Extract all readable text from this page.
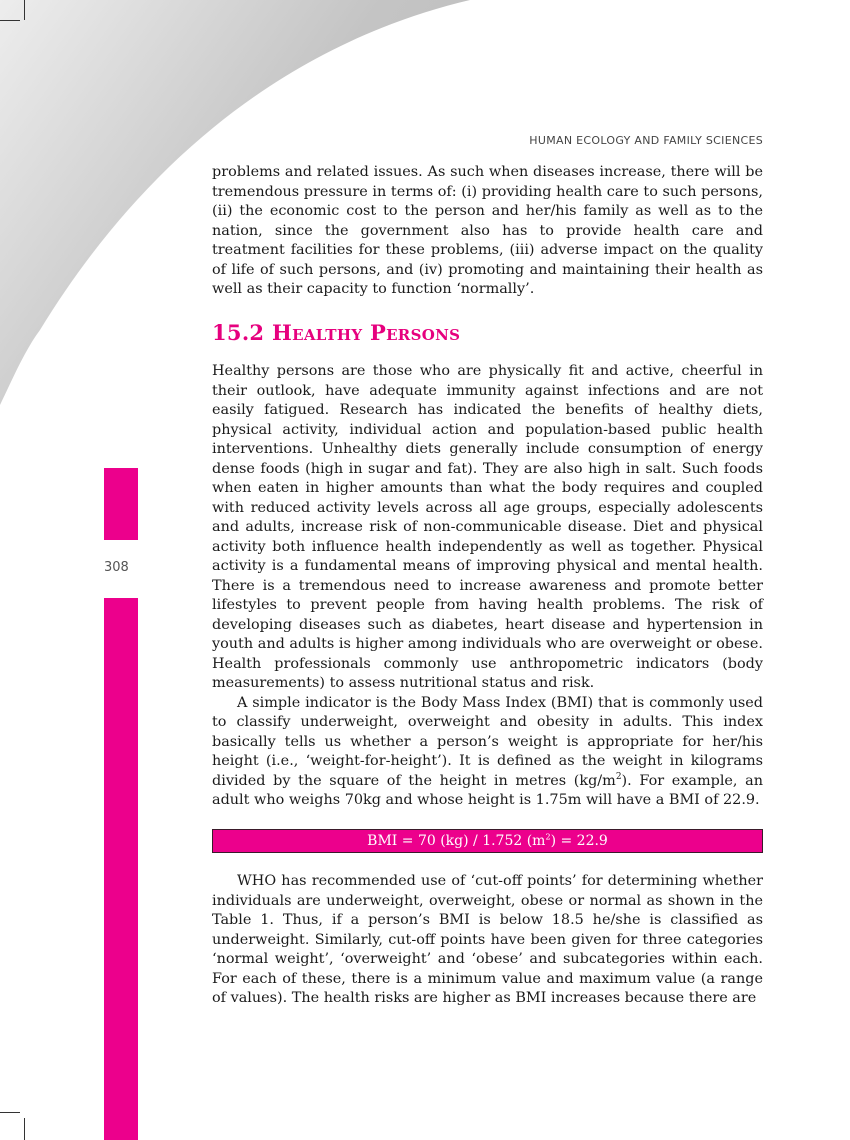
HUMAN ECOLOGY AND FAMILY SCIENCES

problems and related issues. As such when diseases increase, there will be tremendous pressure in terms of: (i) providing health care to such persons, (ii) the economic cost to the person and her/his family as well as to the nation, since the government also has to provide health care and treatment facilities for these problems, (iii) adverse impact on the quality of life of such persons, and (iv) promoting and maintaining their health as well as their capacity to function ‘normally’.

15.2 Healthy Persons

Healthy persons are those who are physically fit and active, cheerful in their outlook, have adequate immunity against infections and are not easily fatigued. Research has indicated the benefits of healthy diets, physical activity, individual action and population-based public health interventions. Unhealthy diets generally include consumption of energy dense foods (high in sugar and fat). They are also high in salt. Such foods when eaten in higher amounts than what the body requires and coupled with reduced activity levels across all age groups, especially adolescents and adults, increase risk of non-communicable disease. Diet and physical activity both influence health independently as well as together. Physical activity is a fundamental means of improving physical and mental health. There is a tremendous need to increase awareness and promote better lifestyles to prevent people from having health problems. The risk of developing diseases such as diabetes, heart disease and hypertension in youth and adults is higher among individuals who are overweight or obese. Health professionals commonly use anthropometric indicators (body measurements) to assess nutritional status and risk.

A simple indicator is the Body Mass Index (BMI) that is commonly used to classify underweight, overweight and obesity in adults. This index basically tells us whether a person’s weight is appropriate for her/his height (i.e., ‘weight-for-height’). It is defined as the weight in kilograms divided by the square of the height in metres $(kg/m^2)$. For example, an adult who weighs 70kg and whose height is 1.75m will have a BMI of 22.9.

BMI = 70 (kg) / 1.752 $(m^2) = 22.9$

WHO has recommended use of ‘cut-off points’ for determining whether individuals are underweight, overweight, obese or normal as shown in the Table 1. Thus, if a person’s BMI is below 18.5 he/she is classified as underweight. Similarly, cut-off points have been given for three categories ‘normal weight’, ‘overweight’ and ‘obese’ and subcategories within each. For each of these, there is a minimum value and maximum value (a range of values). The health risks are higher as BMI increases because there are

308
